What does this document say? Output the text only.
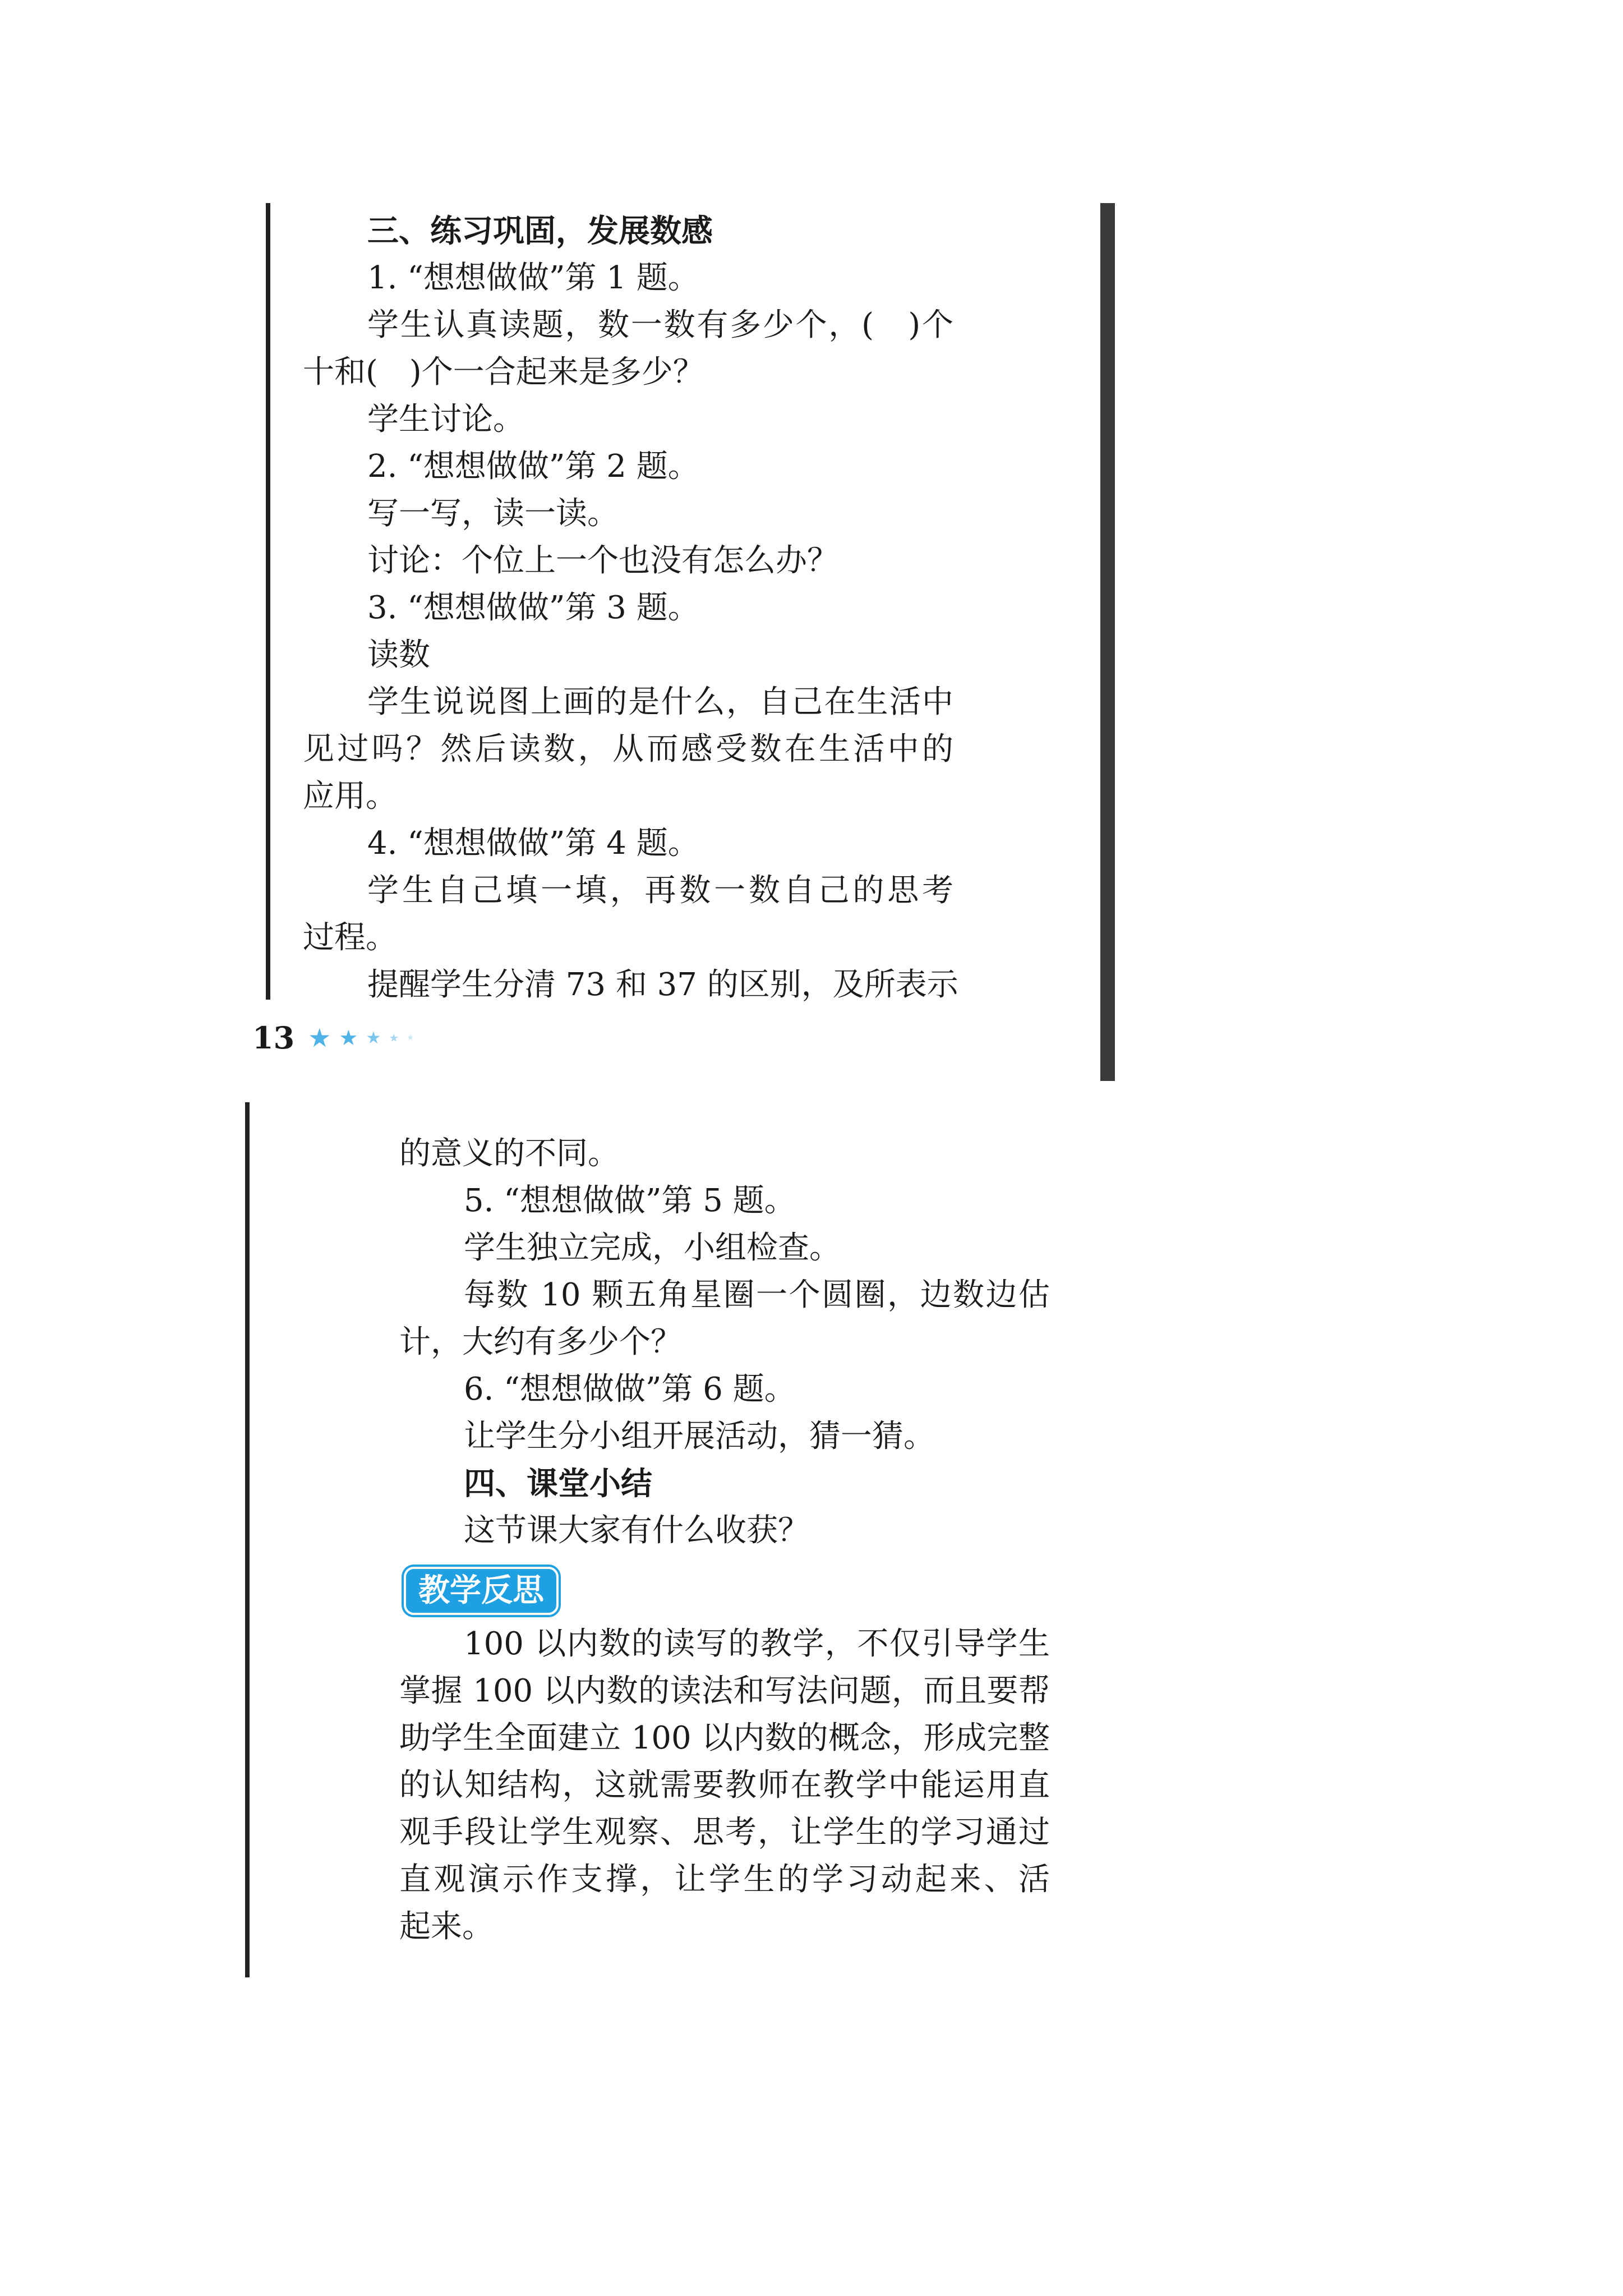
三、练习巩固，发展数感
1. “想想做做”第 1 题。
学生认真读题，数一数有多少个，(　)个
十和(　)个一合起来是多少？
学生讨论。
2. “想想做做”第 2 题。
写一写，读一读。
讨论：个位上一个也没有怎么办？
3. “想想做做”第 3 题。
读数
学生说说图上画的是什么，自己在生活中
见过吗？然后读数，从而感受数在生活中的
应用。
4. “想想做做”第 4 题。
学生自己填一填，再数一数自己的思考
过程。
提醒学生分清 73 和 37 的区别，及所表示
13 ★ ★ ★ ★ ★
的意义的不同。
5. “想想做做”第 5 题。
学生独立完成，小组检查。
每数 10 颗五角星圈一个圆圈，边数边估
计，大约有多少个？
6. “想想做做”第 6 题。
让学生分小组开展活动，猜一猜。
四、课堂小结
这节课大家有什么收获？
教学反思
100 以内数的读写的教学，不仅引导学生
掌握 100 以内数的读法和写法问题，而且要帮
助学生全面建立 100 以内数的概念，形成完整
的认知结构，这就需要教师在教学中能运用直
观手段让学生观察、思考，让学生的学习通过
直观演示作支撑，让学生的学习动起来、活
起来。
